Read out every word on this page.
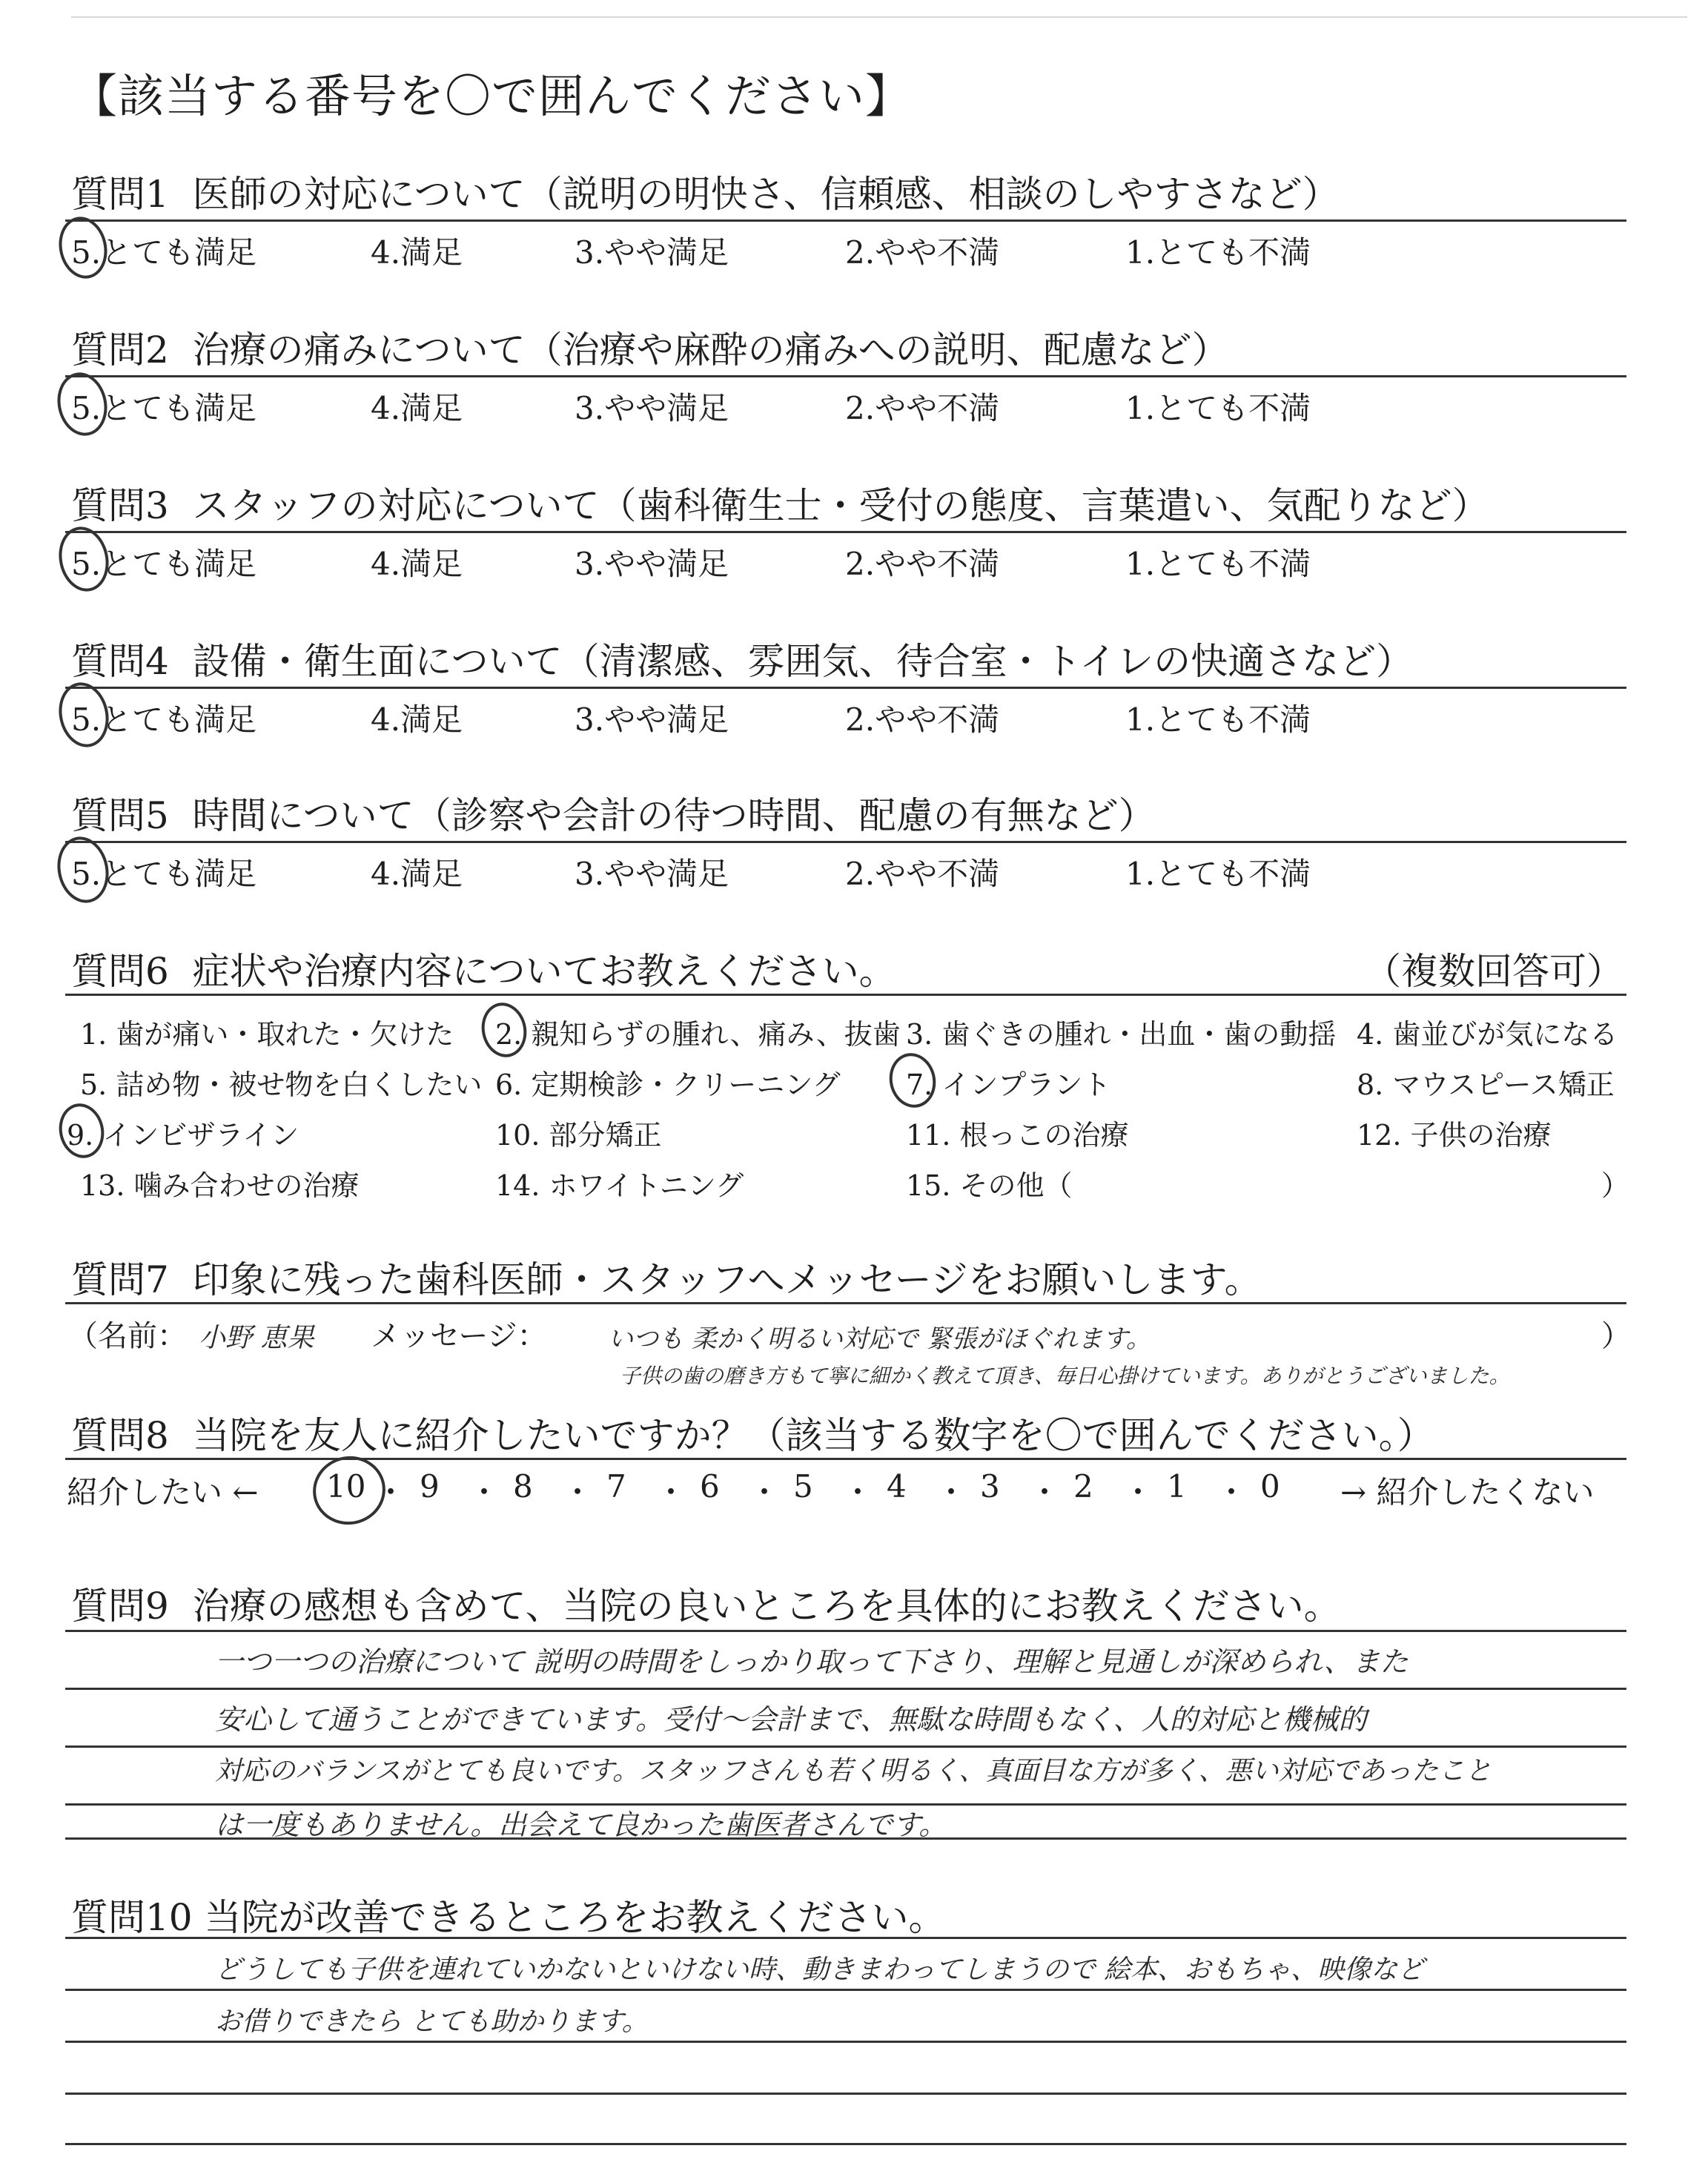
【該当する番号を〇で囲んでください】
質問1 医師の対応について（説明の明快さ、信頼感、相談のしやすさなど）
5.とても満足	4.満足	3.やや満足	2.やや不満	1.とても不満
質問2 治療の痛みについて（治療や麻酔の痛みへの説明、配慮など）
5.とても満足	4.満足	3.やや満足	2.やや不満	1.とても不満
質問3 スタッフの対応について（歯科衛生士・受付の態度、言葉遣い、気配りなど）
5.とても満足	4.満足	3.やや満足	2.やや不満	1.とても不満
質問4 設備・衛生面について（清潔感、雰囲気、待合室・トイレの快適さなど）
5.とても満足	4.満足	3.やや満足	2.やや不満	1.とても不満
質問5 時間について（診察や会計の待つ時間、配慮の有無など）
5.とても満足	4.満足	3.やや満足	2.やや不満	1.とても不満
質問6 症状や治療内容についてお教えください。	（複数回答可）
1. 歯が痛い・取れた・欠けた 2. 親知らずの腫れ、痛み、抜歯 3. 歯ぐきの腫れ・出血・歯の動揺 4. 歯並びが気になる
5. 詰め物・被せ物を白くしたい 6. 定期検診・クリーニング 7. インプラント	8. マウスピース矯正
9. インビザライン	10. 部分矯正	11. 根っこの治療	12. 子供の治療
13. 噛み合わせの治療	14. ホワイトニング	15. その他（	）
質問7 印象に残った歯科医師・スタッフへメッセージをお願いします。
（名前： 小野 恵果 メッセージ： いつも 柔かく明るい対応で 緊張がほぐれます。	）
子供の歯の磨き方もて寧に細かく教えて頂き、毎日心掛けています。ありがとうございました。
質問8 当院を友人に紹介したいですか？（該当する数字を〇で囲んでください。）
紹介したい ←	→ 紹介したくない
10 ・ 9 ・ 8 ・ 7 ・ 6 ・ 5 ・ 4 ・ 3 ・ 2 ・ 1 ・ 0
質問9 治療の感想も含めて、当院の良いところを具体的にお教えください。
一つ一つの治療について 説明の時間をしっかり取って下さり、理解と見通しが深められ、また
安心して通うことができています。受付～会計まで、無駄な時間もなく、人的対応と機械的
対応のバランスがとても良いです。スタッフさんも若く明るく、真面目な方が多く、悪い対応であったこと
は一度もありません。出会えて良かった歯医者さんです。
質問10 当院が改善できるところをお教えください。
どうしても子供を連れていかないといけない時、動きまわってしまうので 絵本、おもちゃ、映像など
お借りできたら とても助かります。
